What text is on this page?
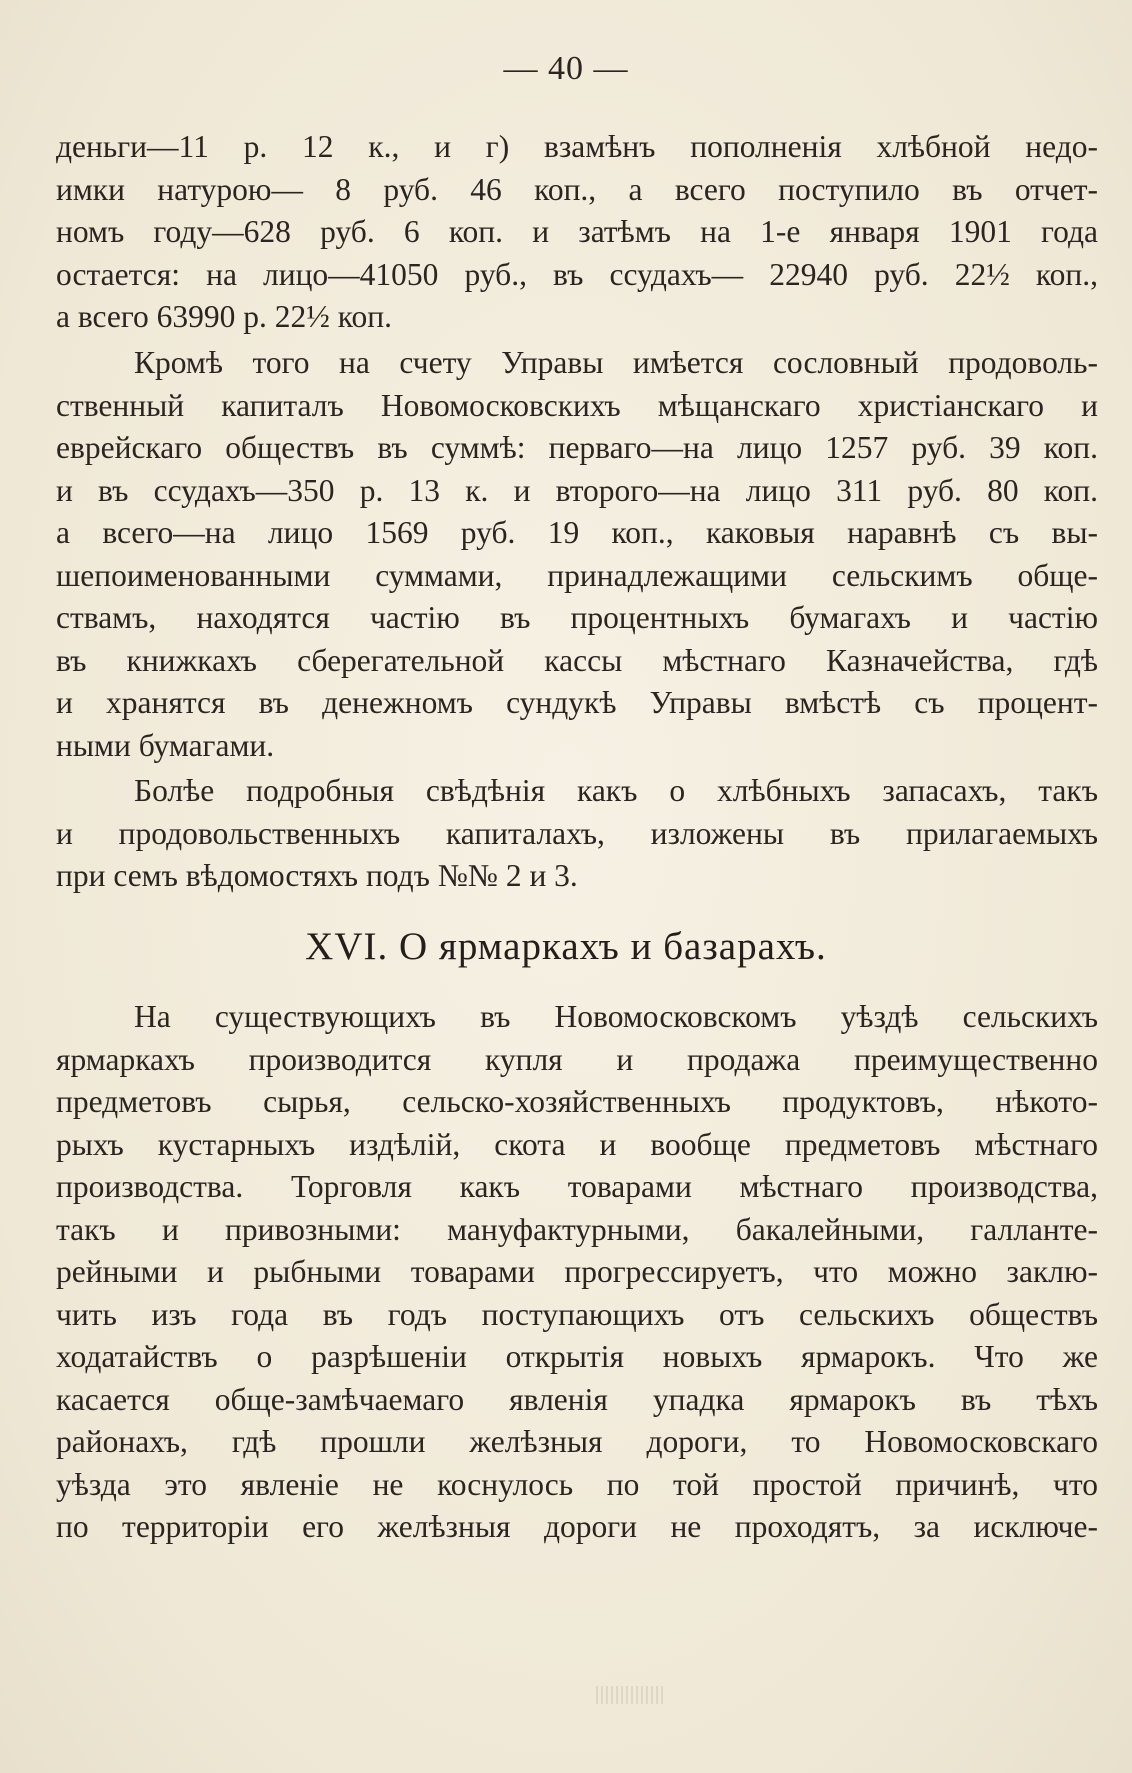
— 40 —
деньги—11 р. 12 к., и г) взамѣнъ пополненія хлѣбной недо-
имки натурою— 8 руб. 46 коп., а всего поступило въ отчет-
номъ году—628 руб. 6 коп. и затѣмъ на 1-е января 1901 года
остается: на лицо—41050 руб., въ ссудахъ— 22940 руб. 22½ коп.,
а всего 63990 р. 22½ коп.
Кромѣ того на счету Управы имѣется сословный продоволь-
ственный капиталъ Новомосковскихъ мѣщанскаго христіанскаго и
еврейскаго обществъ въ суммѣ: перваго—на лицо 1257 руб. 39 коп.
и въ ссудахъ—350 р. 13 к. и второго—на лицо 311 руб. 80 коп.
а всего—на лицо 1569 руб. 19 коп., каковыя наравнѣ съ вы-
шепоименованными суммами, принадлежащими сельскимъ обще-
ствамъ, находятся частію въ процентныхъ бумагахъ и частію
въ книжкахъ сберегательной кассы мѣстнаго Казначейства, гдѣ
и хранятся въ денежномъ сундукѣ Управы вмѣстѣ съ процент-
ными бумагами.
Болѣе подробныя свѣдѣнія какъ о хлѣбныхъ запасахъ, такъ
и продовольственныхъ капиталахъ, изложены въ прилагаемыхъ
при семъ вѣдомостяхъ подъ №№ 2 и 3.
XVI. О ярмаркахъ и базарахъ.
На существующихъ въ Новомосковскомъ уѣздѣ сельскихъ
ярмаркахъ производится купля и продажа преимущественно
предметовъ сырья, сельско-хозяйственныхъ продуктовъ, нѣкото-
рыхъ кустарныхъ издѣлій, скота и вообще предметовъ мѣстнаго
производства. Торговля какъ товарами мѣстнаго производства,
такъ и привозными: мануфактурными, бакалейными, галланте-
рейными и рыбными товарами прогрессируетъ, что можно заклю-
чить изъ года въ годъ поступающихъ отъ сельскихъ обществъ
ходатайствъ о разрѣшеніи открытія новыхъ ярмарокъ. Что же
касается обще-замѣчаемаго явленія упадка ярмарокъ въ тѣхъ
районахъ, гдѣ прошли желѣзныя дороги, то Новомосковскаго
уѣзда это явленіе не коснулось по той простой причинѣ, что
по территоріи его желѣзныя дороги не проходятъ, за исключе-
